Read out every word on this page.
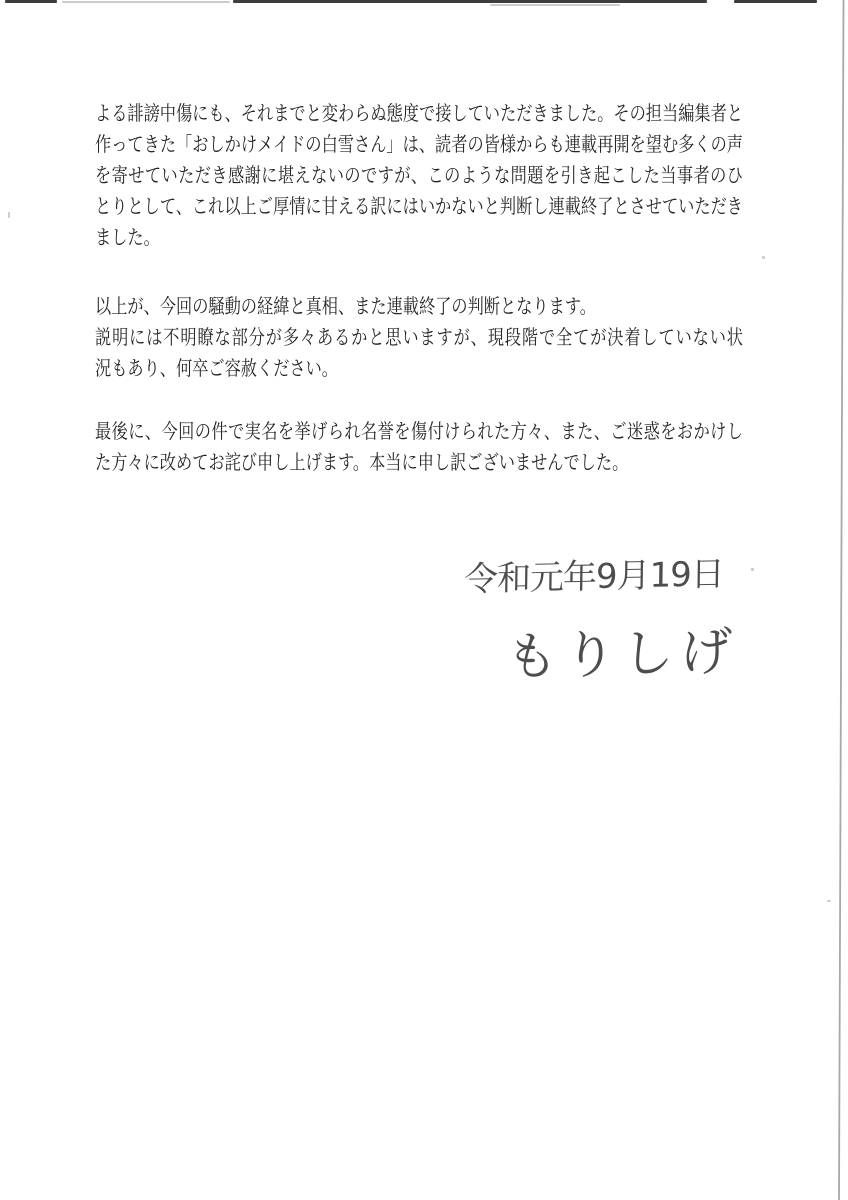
よる誹謗中傷にも、それまでと変わらぬ態度で接していただきました。その担当編集者と
作ってきた「おしかけメイドの白雪さん」は、読者の皆様からも連載再開を望む多くの声
を寄せていただき感謝に堪えないのですが、このような問題を引き起こした当事者のひ
とりとして、これ以上ご厚情に甘える訳にはいかないと判断し連載終了とさせていただき
ました。
以上が、今回の騒動の経緯と真相、また連載終了の判断となります。
説明には不明瞭な部分が多々あるかと思いますが、現段階で全てが決着していない状
況もあり、何卒ご容赦ください。
最後に、今回の件で実名を挙げられ名誉を傷付けられた方々、また、ご迷惑をおかけし
た方々に改めてお詫び申し上げます。本当に申し訳ございませんでした。
令和元年9月19日
もりしげ
